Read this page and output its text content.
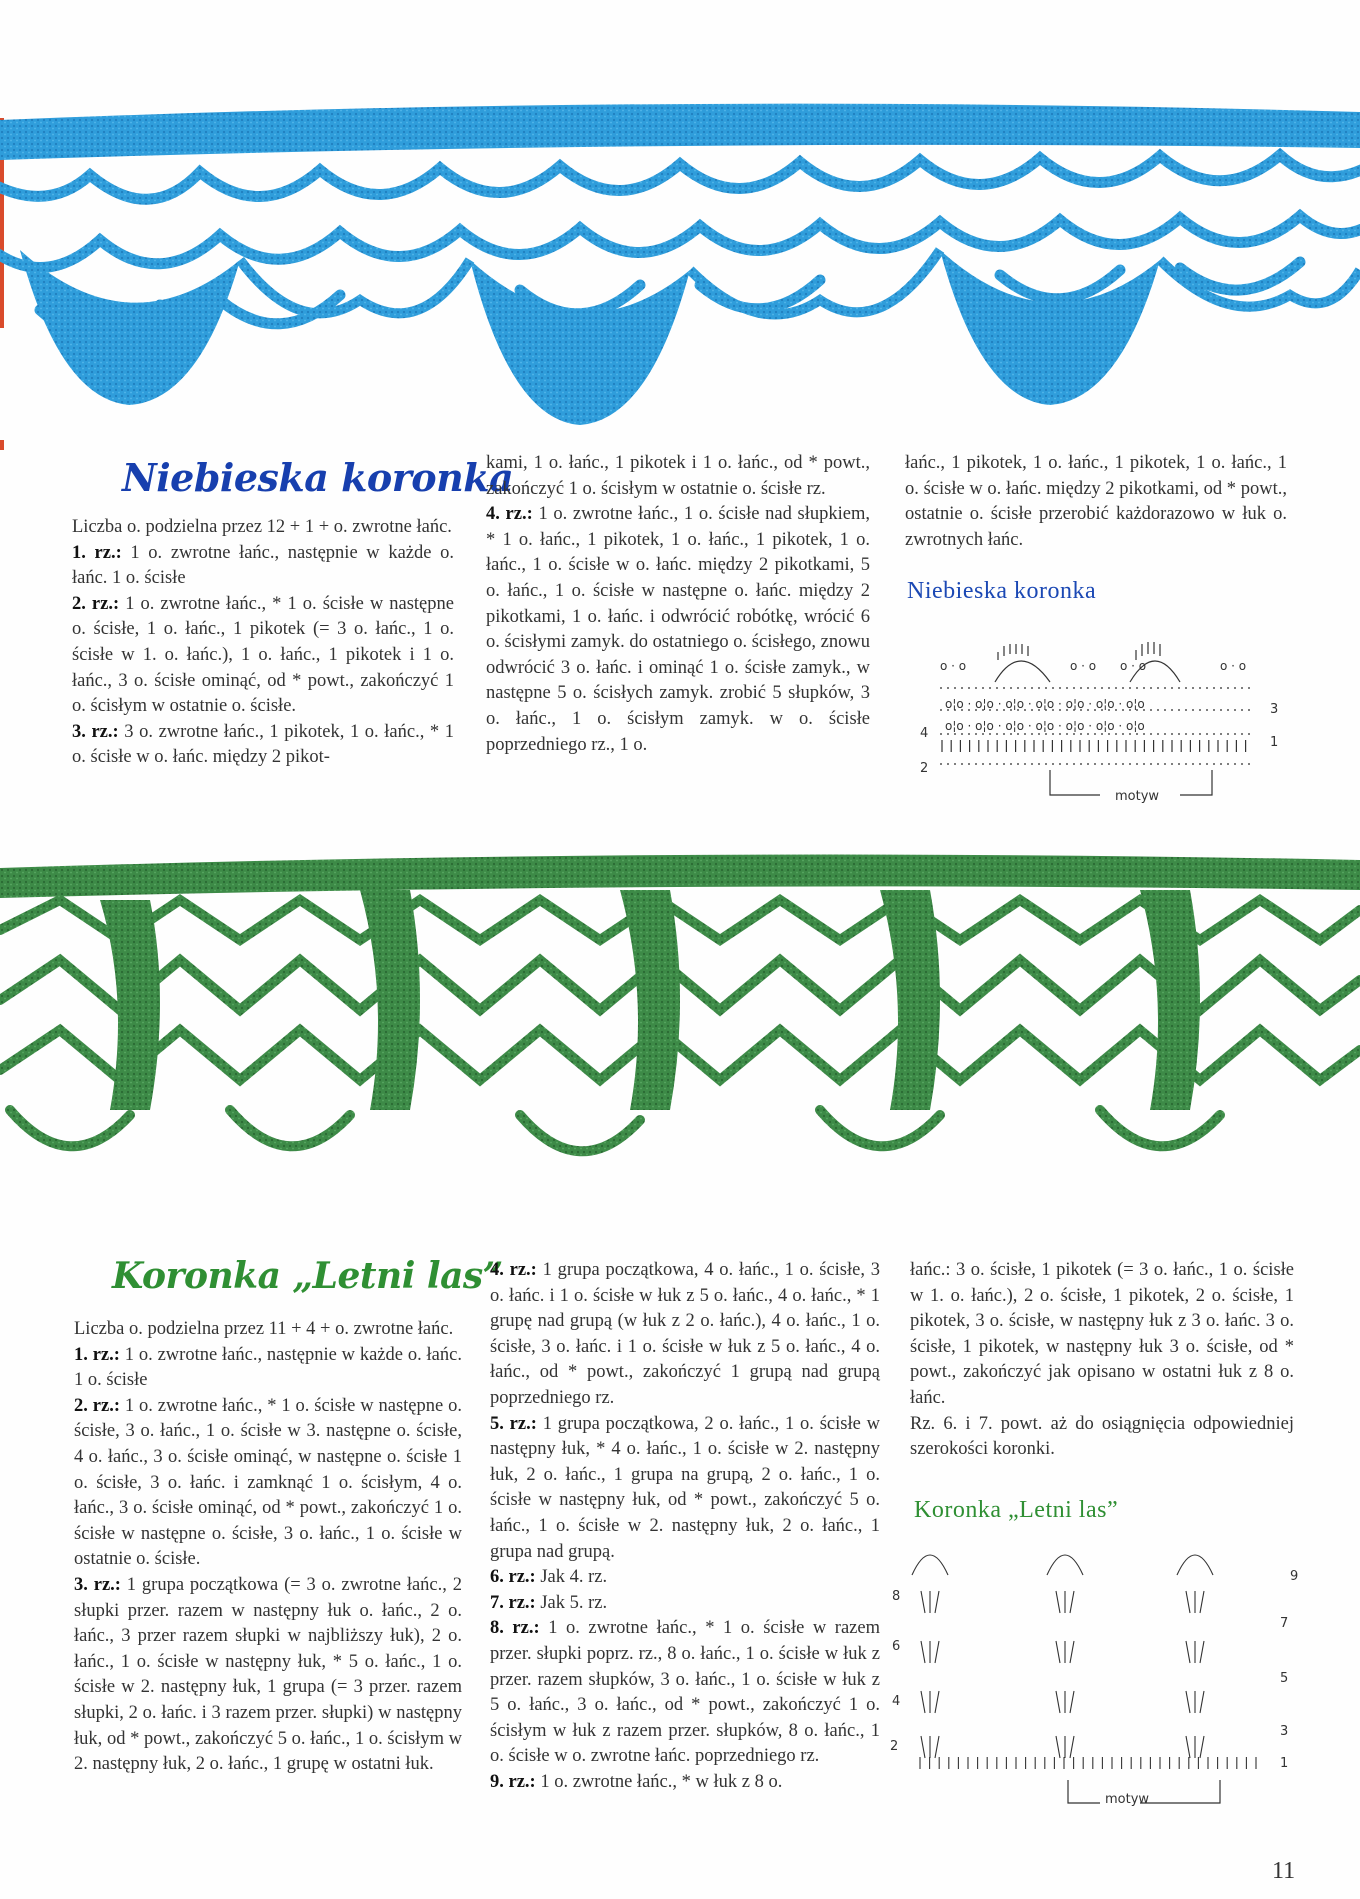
Niebieska koronka

Liczba o. podzielna przez 12 + 1 + o. zwrotne łańc.

1. rz.: 1 o. zwrotne łańc., następnie w każde o. łańc. 1 o. ścisłe

2. rz.: 1 o. zwrotne łańc., * 1 o. ścisłe w następne o. ścisłe, 1 o. łańc., 1 pikotek (= 3 o. łańc., 1 o. ścisłe w 1. o. łańc.), 1 o. łańc., 1 pikotek i 1 o. łańc., 3 o. ścisłe ominąć, od * powt., zakończyć 1 o. ścisłym w ostatnie o. ścisłe.

3. rz.: 3 o. zwrotne łańc., 1 pikotek, 1 o. łańc., * 1 o. ścisłe w o. łańc. między 2 pikot-

kami, 1 o. łańc., 1 pikotek i 1 o. łańc., od * powt., zakończyć 1 o. ścisłym w ostatnie o. ścisłe rz.

4. rz.: 1 o. zwrotne łańc., 1 o. ścisłe nad słupkiem, * 1 o. łańc., 1 pikotek, 1 o. łańc., 1 pikotek, 1 o. łańc., 1 o. ścisłe w o. łańc. między 2 pikotkami, 5 o. łańc., 1 o. ścisłe w następne o. łańc. między 2 pikotkami, 1 o. łańc. i odwrócić robótkę, wrócić 6 o. ścisłymi zamyk. do ostatniego o. ścisłego, znowu odwrócić 3 o. łańc. i ominąć 1 o. ścisłe zamyk., w następne 5 o. ścisłych zamyk. zrobić 5 słupków, 3 o. łańc., 1 o. ścisłym zamyk. w o. ścisłe poprzedniego rz., 1 o.

łańc., 1 pikotek, 1 o. łańc., 1 pikotek, 1 o. łańc., 1 o. ścisłe w o. łańc. między 2 pikotkami, od * powt., ostatnie o. ścisłe przerobić każdorazowo w łuk o. zwrotnych łańc.

Niebieska koronka
4
2
3
1
motyw
o · o	o · o o · o	o · o
o¦o · o¦o · o¦o · o¦o · o¦o · o¦o · o¦o
o¦o · o¦o · o¦o · o¦o · o¦o · o¦o · o¦o
Koronka „Letni las”

Liczba o. podzielna przez 11 + 4 + o. zwrotne łańc.

1. rz.: 1 o. zwrotne łańc., następnie w każde o. łańc. 1 o. ścisłe

2. rz.: 1 o. zwrotne łańc., * 1 o. ścisłe w następne o. ścisłe, 3 o. łańc., 1 o. ścisłe w 3. następne o. ścisłe, 4 o. łańc., 3 o. ścisłe ominąć, w następne o. ścisłe 1 o. ścisłe, 3 o. łańc. i zamknąć 1 o. ścisłym, 4 o. łańc., 3 o. ścisłe ominąć, od * powt., zakończyć 1 o. ścisłe w następne o. ścisłe, 3 o. łańc., 1 o. ścisłe w ostatnie o. ścisłe.

3. rz.: 1 grupa początkowa (= 3 o. zwrotne łańc., 2 słupki przer. razem w następny łuk o. łańc., 2 o. łańc., 3 przer razem słupki w najbliższy łuk), 2 o. łańc., 1 o. ścisłe w następny łuk, * 5 o. łańc., 1 o. ścisłe w 2. następny łuk, 1 grupa (= 3 przer. razem słupki, 2 o. łańc. i 3 razem przer. słupki) w następny łuk, od * powt., zakończyć 5 o. łańc., 1 o. ścisłym w 2. następny łuk, 2 o. łańc., 1 grupę w ostatni łuk.

4. rz.: 1 grupa początkowa, 4 o. łańc., 1 o. ścisłe, 3 o. łańc. i 1 o. ścisłe w łuk z 5 o. łańc., 4 o. łańc., * 1 grupę nad grupą (w łuk z 2 o. łańc.), 4 o. łańc., 1 o. ścisłe, 3 o. łańc. i 1 o. ścisłe w łuk z 5 o. łańc., 4 o. łańc., od * powt., zakończyć 1 grupą nad grupą poprzedniego rz.

5. rz.: 1 grupa początkowa, 2 o. łańc., 1 o. ścisłe w następny łuk, * 4 o. łańc., 1 o. ścisłe w 2. następny łuk, 2 o. łańc., 1 grupa na grupą, 2 o. łańc., 1 o. ścisłe w następny łuk, od * powt., zakończyć 5 o. łańc., 1 o. ścisłe w 2. następny łuk, 2 o. łańc., 1 grupa nad grupą.

6. rz.: Jak 4. rz.

7. rz.: Jak 5. rz.

8. rz.: 1 o. zwrotne łańc., * 1 o. ścisłe w razem przer. słupki poprz. rz., 8 o. łańc., 1 o. ścisłe w łuk z przer. razem słupków, 3 o. łańc., 1 o. ścisłe w łuk z 5 o. łańc., 3 o. łańc., od * powt., zakończyć 1 o. ścisłym w łuk z razem przer. słupków, 8 o. łańc., 1 o. ścisłe w o. zwrotne łańc. poprzedniego rz.

9. rz.: 1 o. zwrotne łańc., * w łuk z 8 o.

łańc.: 3 o. ścisłe, 1 pikotek (= 3 o. łańc., 1 o. ścisłe w 1. o. łańc.), 2 o. ścisłe, 1 pikotek, 2 o. ścisłe, 1 pikotek, 3 o. ścisłe, w następny łuk z 3 o. łańc. 3 o. ścisłe, 1 pikotek, w następny łuk 3 o. ścisłe, od * powt., zakończyć jak opisano w ostatni łuk z 8 o. łańc.

Rz. 6. i 7. powt. aż do osiągnięcia odpowiedniej szerokości koronki.

Koronka „Letni las”
8
6
4
2
9
7
5
3
1
motyw
11
